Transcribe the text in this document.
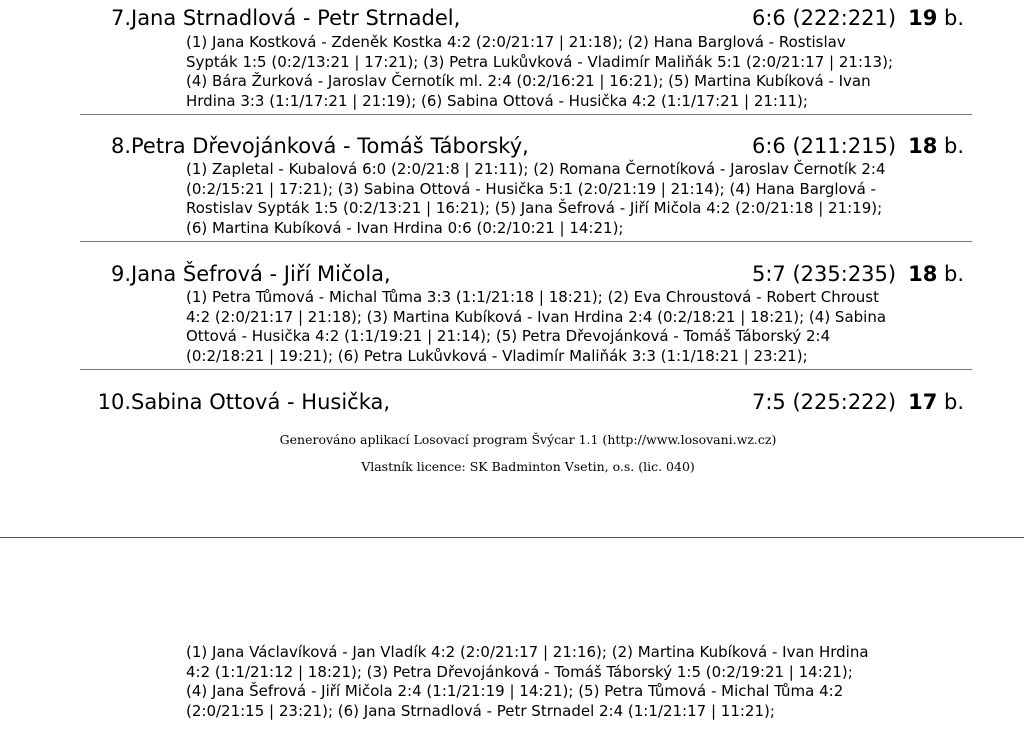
7. Jana Strnadlová - Petr Strnadel,	6:6 (222:221) 19 b.
(1) Jana Kostková - Zdeněk Kostka 4:2 (2:0/21:17 | 21:18); (2) Hana Barglová - Rostislav
Sypták 1:5 (0:2/13:21 | 17:21); (3) Petra Lukůvková - Vladimír Maliňák 5:1 (2:0/21:17 | 21:13);
(4) Bára Žurková - Jaroslav Černotík ml. 2:4 (0:2/16:21 | 16:21); (5) Martina Kubíková - Ivan
Hrdina 3:3 (1:1/17:21 | 21:19); (6) Sabina Ottová - Husička 4:2 (1:1/17:21 | 21:11);
8. Petra Dřevojánková - Tomáš Táborský,	6:6 (211:215) 18 b.
(1) Zapletal - Kubalová 6:0 (2:0/21:8 | 21:11); (2) Romana Černotíková - Jaroslav Černotík 2:4
(0:2/15:21 | 17:21); (3) Sabina Ottová - Husička 5:1 (2:0/21:19 | 21:14); (4) Hana Barglová -
Rostislav Sypták 1:5 (0:2/13:21 | 16:21); (5) Jana Šefrová - Jiří Mičola 4:2 (2:0/21:18 | 21:19);
(6) Martina Kubíková - Ivan Hrdina 0:6 (0:2/10:21 | 14:21);
9. Jana Šefrová - Jiří Mičola,	5:7 (235:235) 18 b.
(1) Petra Tůmová - Michal Tůma 3:3 (1:1/21:18 | 18:21); (2) Eva Chroustová - Robert Chroust
4:2 (2:0/21:17 | 21:18); (3) Martina Kubíková - Ivan Hrdina 2:4 (0:2/18:21 | 18:21); (4) Sabina
Ottová - Husička 4:2 (1:1/19:21 | 21:14); (5) Petra Dřevojánková - Tomáš Táborský 2:4
(0:2/18:21 | 19:21); (6) Petra Lukůvková - Vladimír Maliňák 3:3 (1:1/18:21 | 23:21);
10. Sabina Ottová - Husička,	7:5 (225:222) 17 b.
Generováno aplikací Losovací program Švýcar 1.1 (http://www.losovani.wz.cz)
Vlastník licence: SK Badminton Vsetin, o.s. (lic. 040)
(1) Jana Václavíková - Jan Vladík 4:2 (2:0/21:17 | 21:16); (2) Martina Kubíková - Ivan Hrdina
4:2 (1:1/21:12 | 18:21); (3) Petra Dřevojánková - Tomáš Táborský 1:5 (0:2/19:21 | 14:21);
(4) Jana Šefrová - Jiří Mičola 2:4 (1:1/21:19 | 14:21); (5) Petra Tůmová - Michal Tůma 4:2
(2:0/21:15 | 23:21); (6) Jana Strnadlová - Petr Strnadel 2:4 (1:1/21:17 | 11:21);
